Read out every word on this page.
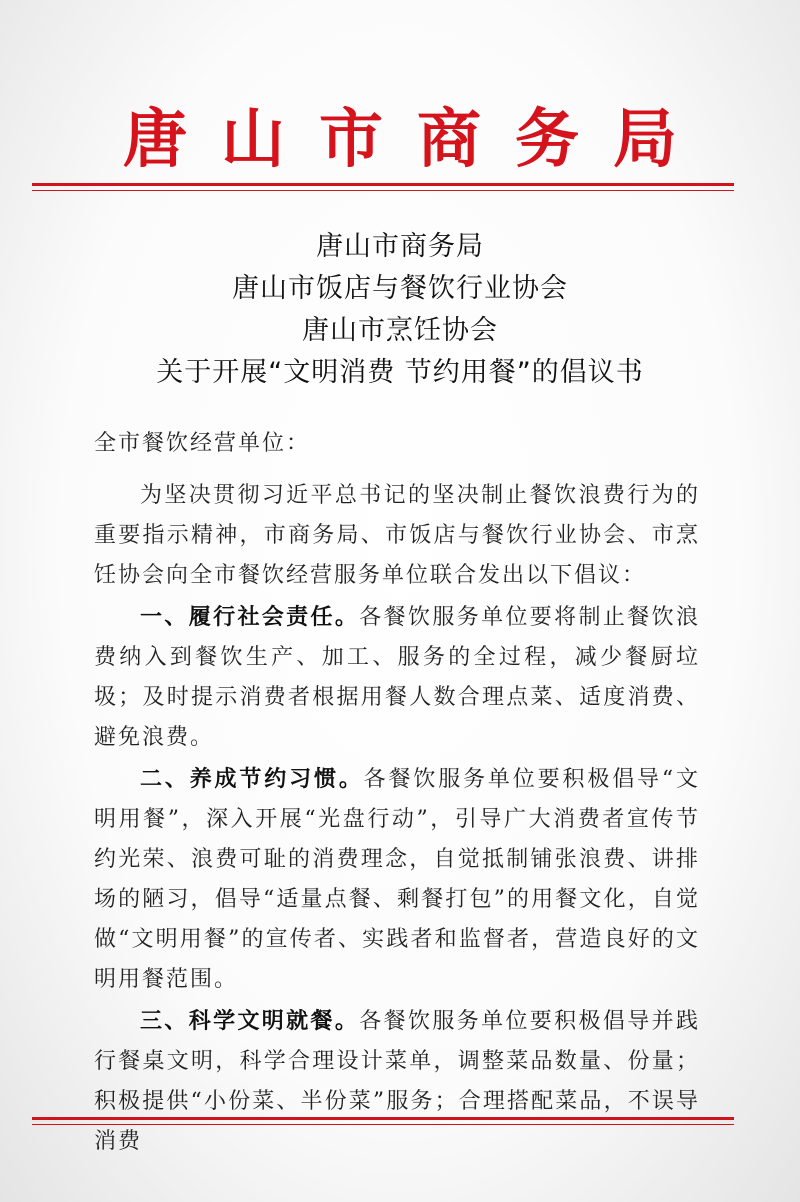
唐山市商务局
唐山市商务局
唐山市饭店与餐饮行业协会
唐山市烹饪协会
关于开展“文明消费 节约用餐”的倡议书
全市餐饮经营单位：

为坚决贯彻习近平总书记的坚决制止餐饮浪费行为的重要指示精神，市商务局、市饭店与餐饮行业协会、市烹饪协会向全市餐饮经营服务单位联合发出以下倡议：

一、履行社会责任。各餐饮服务单位要将制止餐饮浪费纳入到餐饮生产、加工、服务的全过程，减少餐厨垃圾；及时提示消费者根据用餐人数合理点菜、适度消费、避免浪费。

二、养成节约习惯。各餐饮服务单位要积极倡导“文明用餐”，深入开展“光盘行动”，引导广大消费者宣传节约光荣、浪费可耻的消费理念，自觉抵制铺张浪费、讲排场的陋习，倡导“适量点餐、剩餐打包”的用餐文化，自觉做“文明用餐”的宣传者、实践者和监督者，营造良好的文明用餐范围。

三、科学文明就餐。各餐饮服务单位要积极倡导并践行餐桌文明，科学合理设计菜单，调整菜品数量、份量；积极提供“小份菜、半份菜”服务；合理搭配菜品，不误导消费
